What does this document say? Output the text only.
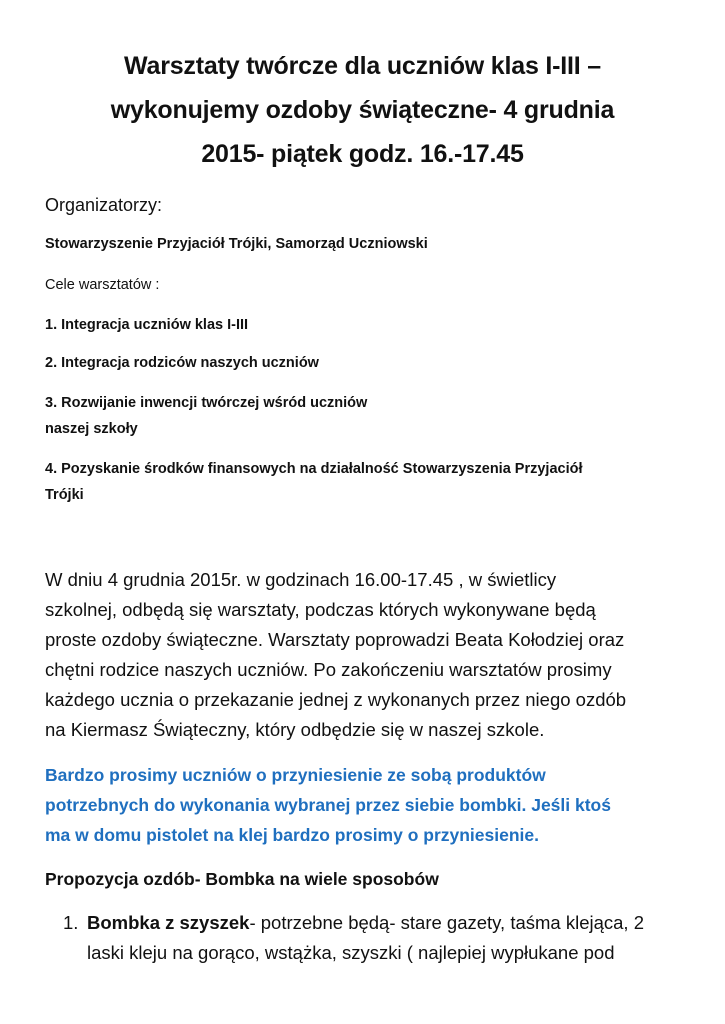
Warsztaty twórcze dla uczniów klas I-III –
wykonujemy ozdoby świąteczne- 4 grudnia
2015- piątek godz. 16.-17.45
Organizatorzy:
Stowarzyszenie Przyjaciół Trójki, Samorząd Uczniowski
Cele warsztatów :
1. Integracja uczniów klas I-III
2. Integracja rodziców naszych uczniów
3. Rozwijanie inwencji twórczej wśród uczniów
naszej szkoły
4. Pozyskanie środków finansowych na działalność Stowarzyszenia Przyjaciół
Trójki
W dniu 4 grudnia 2015r. w godzinach 16.00-17.45 , w świetlicy
szkolnej, odbędą się warsztaty, podczas których wykonywane będą
proste ozdoby świąteczne. Warsztaty poprowadzi Beata Kołodziej oraz
chętni rodzice naszych uczniów. Po zakończeniu warsztatów prosimy
każdego ucznia o przekazanie jednej z wykonanych przez niego ozdób
na Kiermasz Świąteczny, który odbędzie się w naszej szkole.
Bardzo prosimy uczniów o przyniesienie ze sobą produktów
potrzebnych do wykonania wybranej przez siebie bombki. Jeśli ktoś
ma w domu pistolet na klej bardzo prosimy o przyniesienie.
Propozycja ozdób- Bombka na wiele sposobów
1. Bombka z szyszek- potrzebne będą- stare gazety, taśma klejąca, 2
laski kleju na gorąco, wstążka, szyszki ( najlepiej wypłukane pod
